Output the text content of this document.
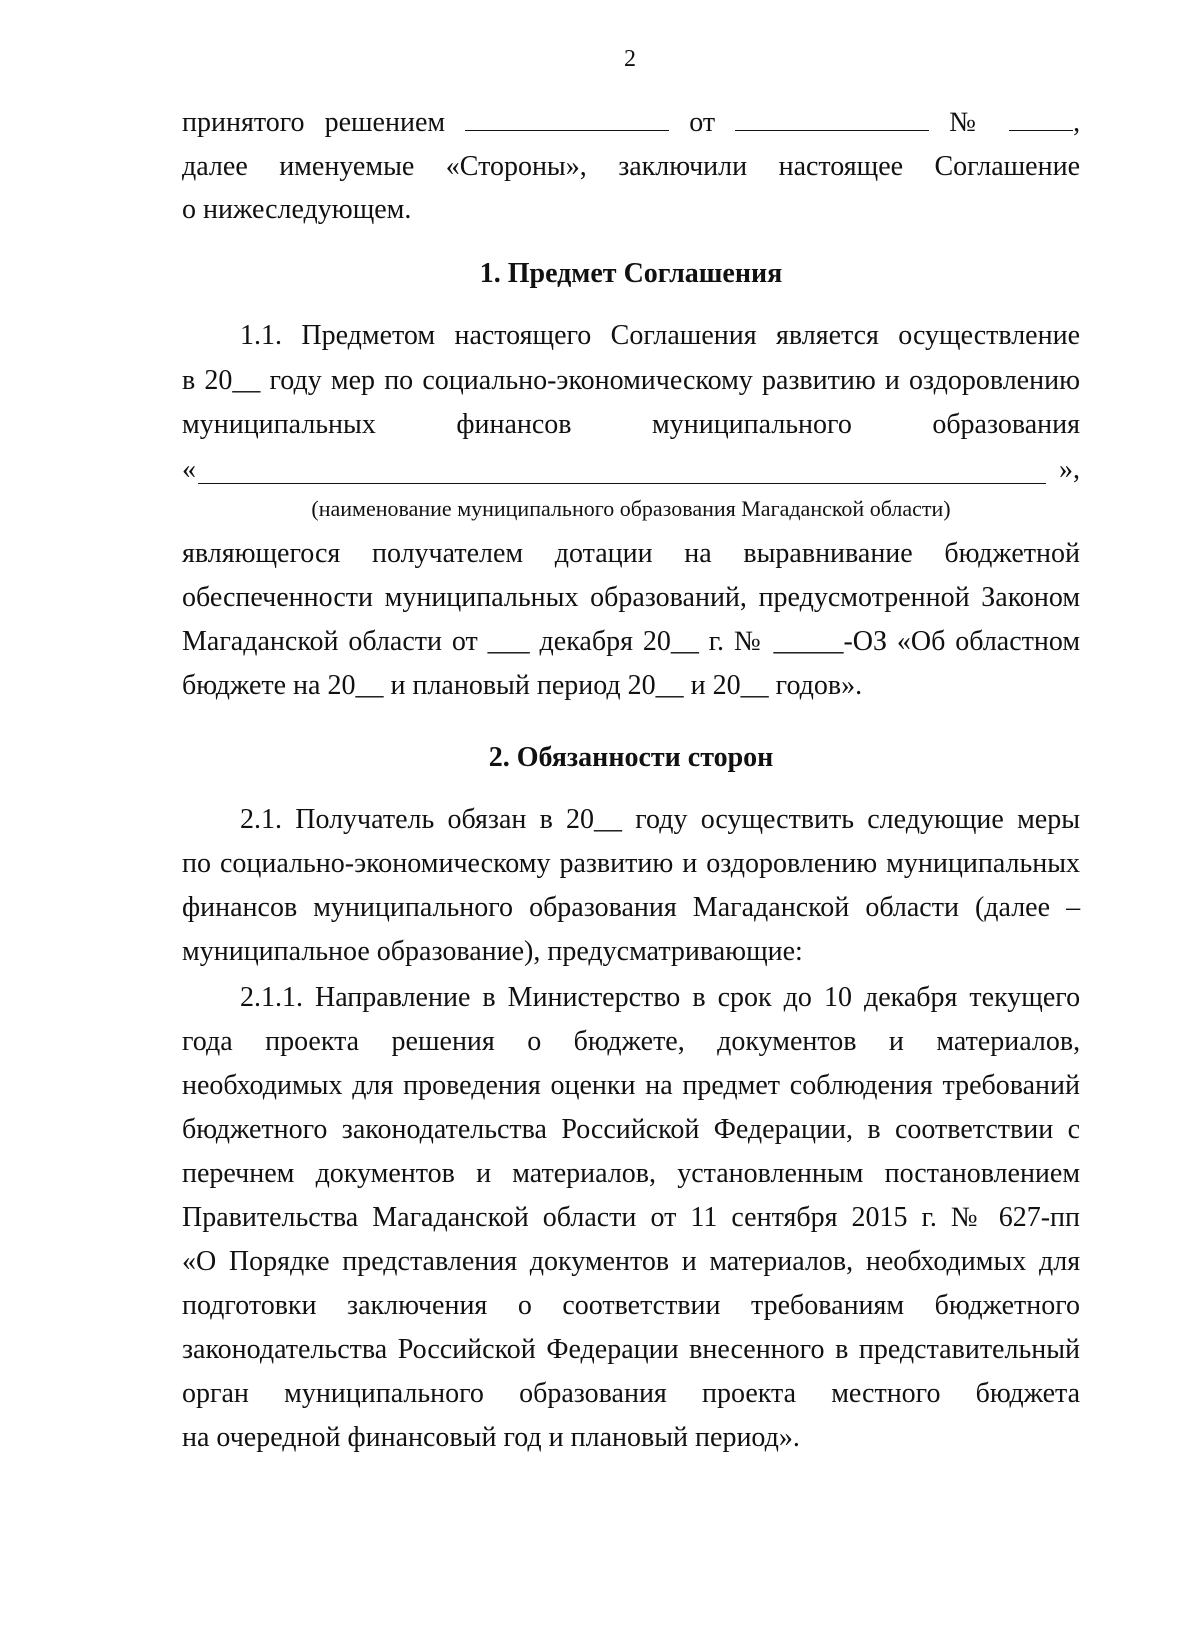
2
принятого решением	от	№	,
далее именуемые «Стороны», заключили настоящее Соглашение
о нижеследующем.
1. Предмет Соглашения
1.1. Предметом настоящего Соглашения является осуществление
в 20__ году мер по социально-экономическому развитию и оздоровлению
муниципальных	финансов	муниципального	образования
«	»,
(наименование муниципального образования Магаданской области)
являющегося получателем дотации на выравнивание бюджетной
обеспеченности муниципальных образований, предусмотренной Законом
Магаданской области от ___ декабря 20__ г. № _____-ОЗ «Об областном
бюджете на 20__ и плановый период 20__ и 20__ годов».
2. Обязанности сторон
2.1. Получатель обязан в 20__ году осуществить следующие меры
по социально-экономическому развитию и оздоровлению муниципальных
финансов муниципального образования Магаданской области (далее –
муниципальное образование), предусматривающие:
2.1.1. Направление в Министерство в срок до 10 декабря текущего
года проекта решения о бюджете, документов и материалов,
необходимых для проведения оценки на предмет соблюдения требований
бюджетного законодательства Российской Федерации, в соответствии с
перечнем документов и материалов, установленным постановлением
Правительства Магаданской области от 11 сентября 2015 г. № 627-пп
«О Порядке представления документов и материалов, необходимых для
подготовки заключения о соответствии требованиям бюджетного
законодательства Российской Федерации внесенного в представительный
орган муниципального образования проекта местного бюджета
на очередной финансовый год и плановый период».
